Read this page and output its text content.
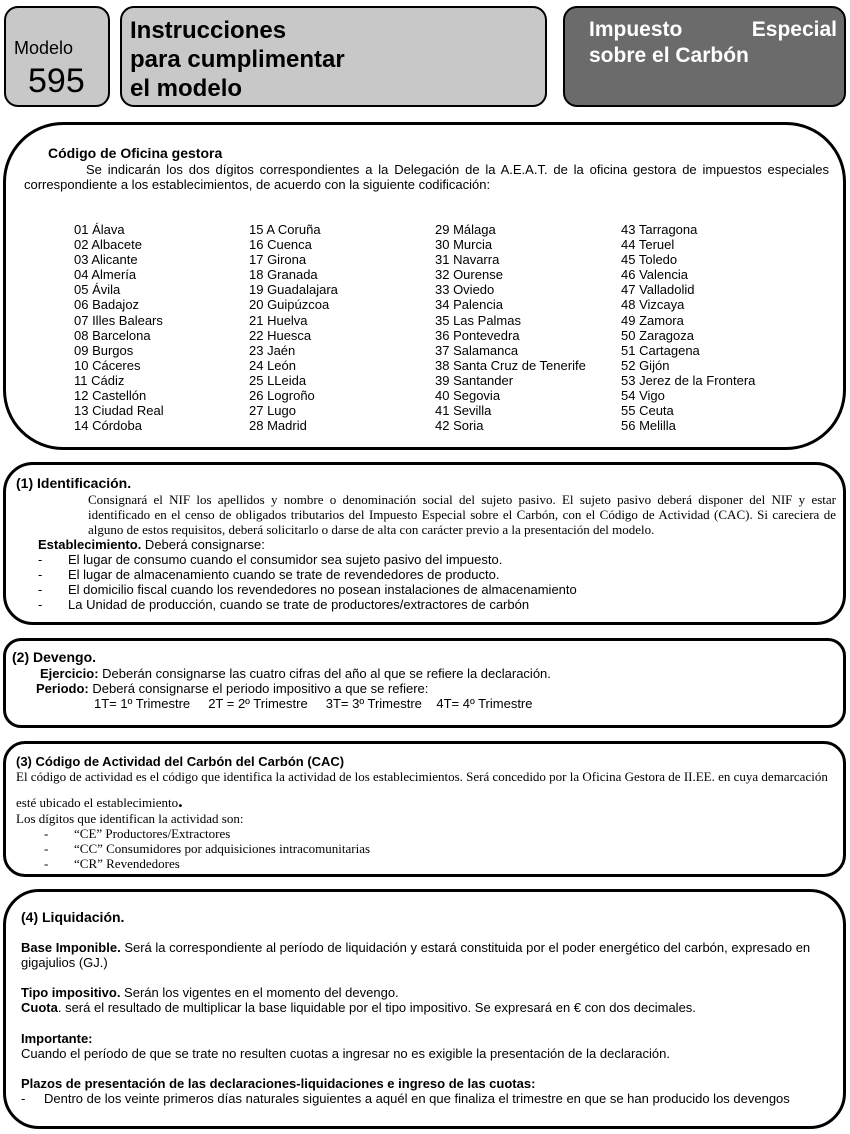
Modelo
595
Instrucciones
para cumplimentar
el modelo
Impuesto Especial
sobre el Carbón
Código de Oficina gestora
Se indicarán los dos dígitos correspondientes a la Delegación de la A.E.A.T. de la oficina gestora de impuestos especiales correspondiente a los establecimientos, de acuerdo con la siguiente codificación:
01 Álava
02 Albacete
03 Alicante
04 Almería
05 Ávila
06 Badajoz
07 Illes Balears
08 Barcelona
09 Burgos
10 Cáceres
11 Cádiz
12 Castellón
13 Ciudad Real
14 Córdoba
15 A Coruña
16 Cuenca
17 Girona
18 Granada
19 Guadalajara
20 Guipúzcoa
21 Huelva
22 Huesca
23 Jaén
24 León
25 LLeida
26 Logroño
27 Lugo
28 Madrid
29 Málaga
30 Murcia
31 Navarra
32 Ourense
33 Oviedo
34 Palencia
35 Las Palmas
36 Pontevedra
37 Salamanca
38 Santa Cruz de Tenerife
39 Santander
40 Segovia
41 Sevilla
42 Soria
43 Tarragona
44 Teruel
45 Toledo
46 Valencia
47 Valladolid
48 Vizcaya
49 Zamora
50 Zaragoza
51 Cartagena
52 Gijón
53 Jerez de la Frontera
54 Vigo
55 Ceuta
56 Melilla
(1) Identificación.
Consignará el NIF los apellidos y nombre o denominación social del sujeto pasivo. El sujeto pasivo deberá disponer del NIF y estar identificado en el censo de obligados tributarios del Impuesto Especial sobre el Carbón, con el Código de Actividad (CAC). Si careciera de alguno de estos requisitos, deberá solicitarlo o darse de alta con carácter previo a la presentación del modelo.
Establecimiento. Deberá consignarse:
- El lugar de consumo cuando el consumidor sea sujeto pasivo del impuesto.
- El lugar de almacenamiento cuando se trate de revendedores de producto.
- El domicilio fiscal cuando los revendedores no posean instalaciones de almacenamiento
- La Unidad de producción, cuando se trate de productores/extractores de carbón
(2) Devengo.
Ejercicio: Deberán consignarse las cuatro cifras del año al que se refiere la declaración.
Periodo: Deberá consignarse el periodo impositivo a que se refiere:
1T= 1º Trimestre     2T = 2º Trimestre     3T= 3º Trimestre    4T= 4º Trimestre
(3) Código de Actividad del Carbón del Carbón (CAC)
El código de actividad es el código que identifica la actividad de los establecimientos. Será concedido por la Oficina Gestora de II.EE. en cuya demarcación
esté ubicado el establecimiento.
Los dígitos que identifican la actividad son:
- “CE” Productores/Extractores
- “CC” Consumidores por adquisiciones intracomunitarias
- “CR” Revendedores
(4) Liquidación.
Base Imponible. Será la correspondiente al período de liquidación y estará constituida por el poder energético del carbón, expresado en gigajulios (GJ.)
Tipo impositivo. Serán los vigentes en el momento del devengo.
Cuota. será el resultado de multiplicar la base liquidable por el tipo impositivo. Se expresará en € con dos decimales.
Importante:
Cuando el período de que se trate no resulten cuotas a ingresar no es exigible la presentación de la declaración.
Plazos de presentación de las declaraciones-liquidaciones e ingreso de las cuotas:
- Dentro de los veinte primeros días naturales siguientes a aquél en que finaliza el trimestre en que se han producido los devengos
